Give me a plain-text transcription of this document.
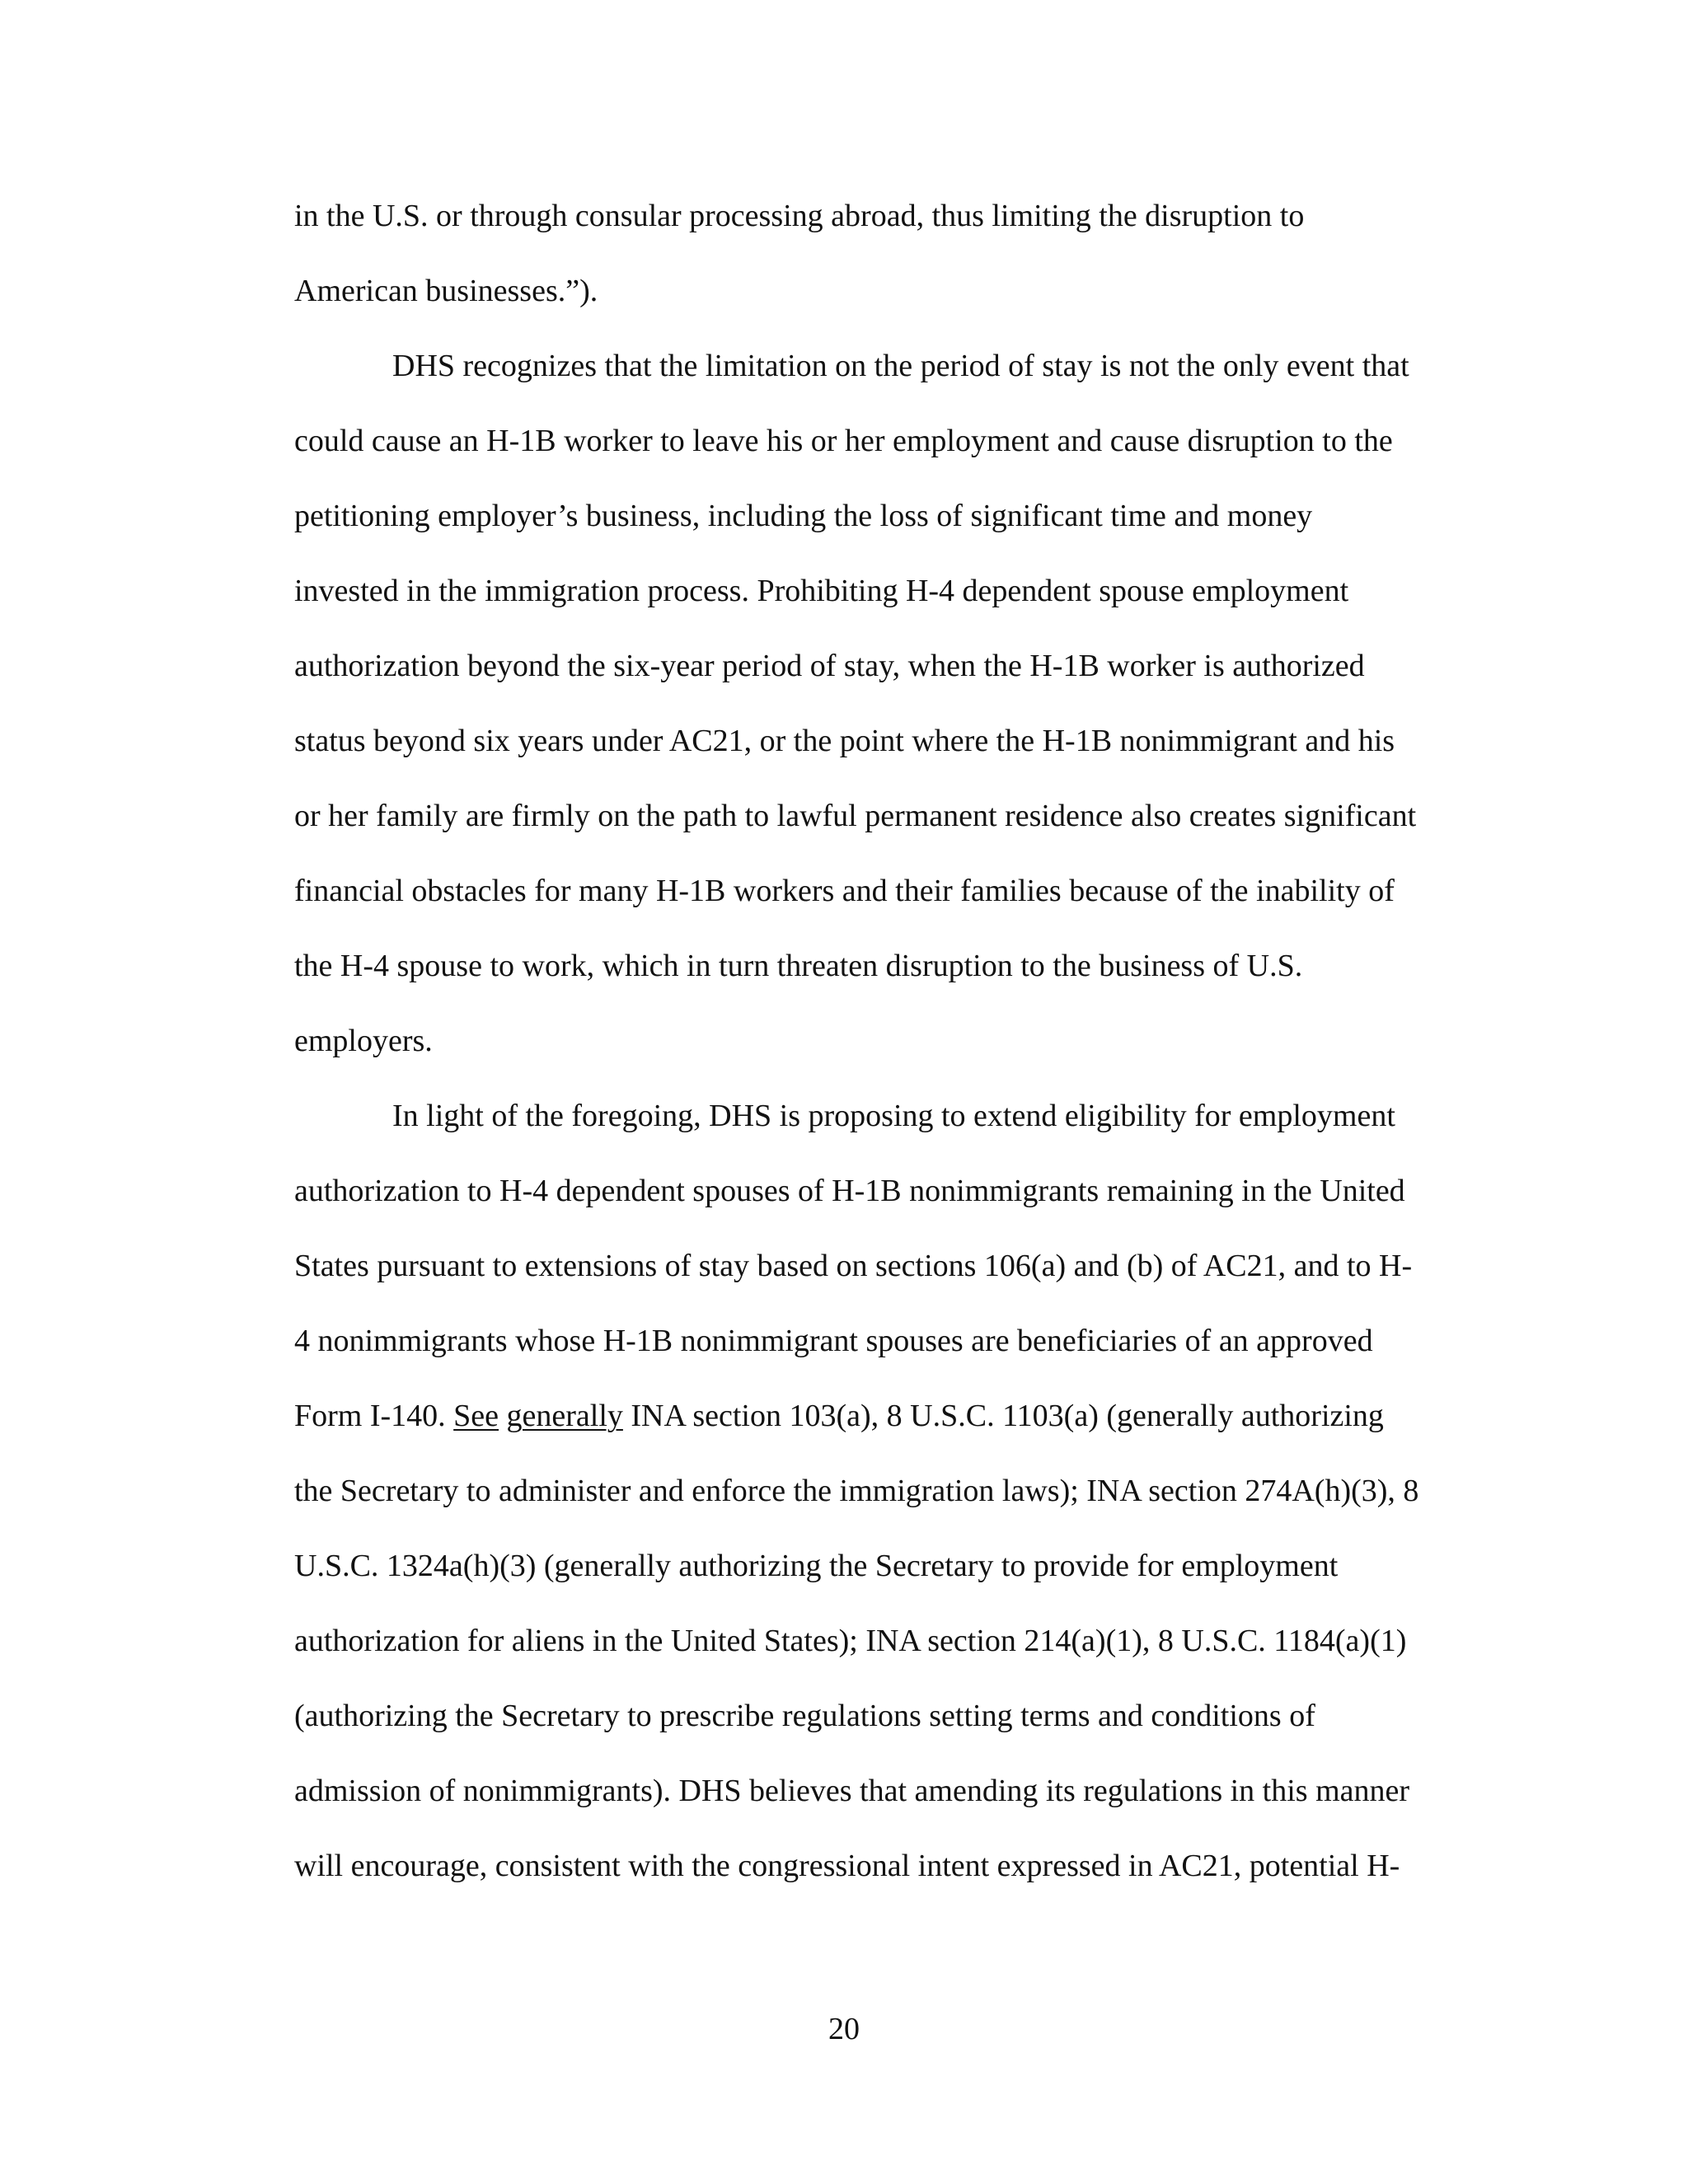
in the U.S. or through consular processing abroad, thus limiting the disruption to
American businesses.”).
DHS recognizes that the limitation on the period of stay is not the only event that
could cause an H-1B worker to leave his or her employment and cause disruption to the
petitioning employer’s business, including the loss of significant time and money
invested in the immigration process. Prohibiting H-4 dependent spouse employment
authorization beyond the six-year period of stay, when the H-1B worker is authorized
status beyond six years under AC21, or the point where the H-1B nonimmigrant and his
or her family are firmly on the path to lawful permanent residence also creates significant
financial obstacles for many H-1B workers and their families because of the inability of
the H-4 spouse to work, which in turn threaten disruption to the business of U.S.
employers.
In light of the foregoing, DHS is proposing to extend eligibility for employment
authorization to H-4 dependent spouses of H-1B nonimmigrants remaining in the United
States pursuant to extensions of stay based on sections 106(a) and (b) of AC21, and to H-
4 nonimmigrants whose H-1B nonimmigrant spouses are beneficiaries of an approved
Form I-140. See generally INA section 103(a), 8 U.S.C. 1103(a) (generally authorizing
the Secretary to administer and enforce the immigration laws); INA section 274A(h)(3), 8
U.S.C. 1324a(h)(3) (generally authorizing the Secretary to provide for employment
authorization for aliens in the United States); INA section 214(a)(1), 8 U.S.C. 1184(a)(1)
(authorizing the Secretary to prescribe regulations setting terms and conditions of
admission of nonimmigrants). DHS believes that amending its regulations in this manner
will encourage, consistent with the congressional intent expressed in AC21, potential H-
20
